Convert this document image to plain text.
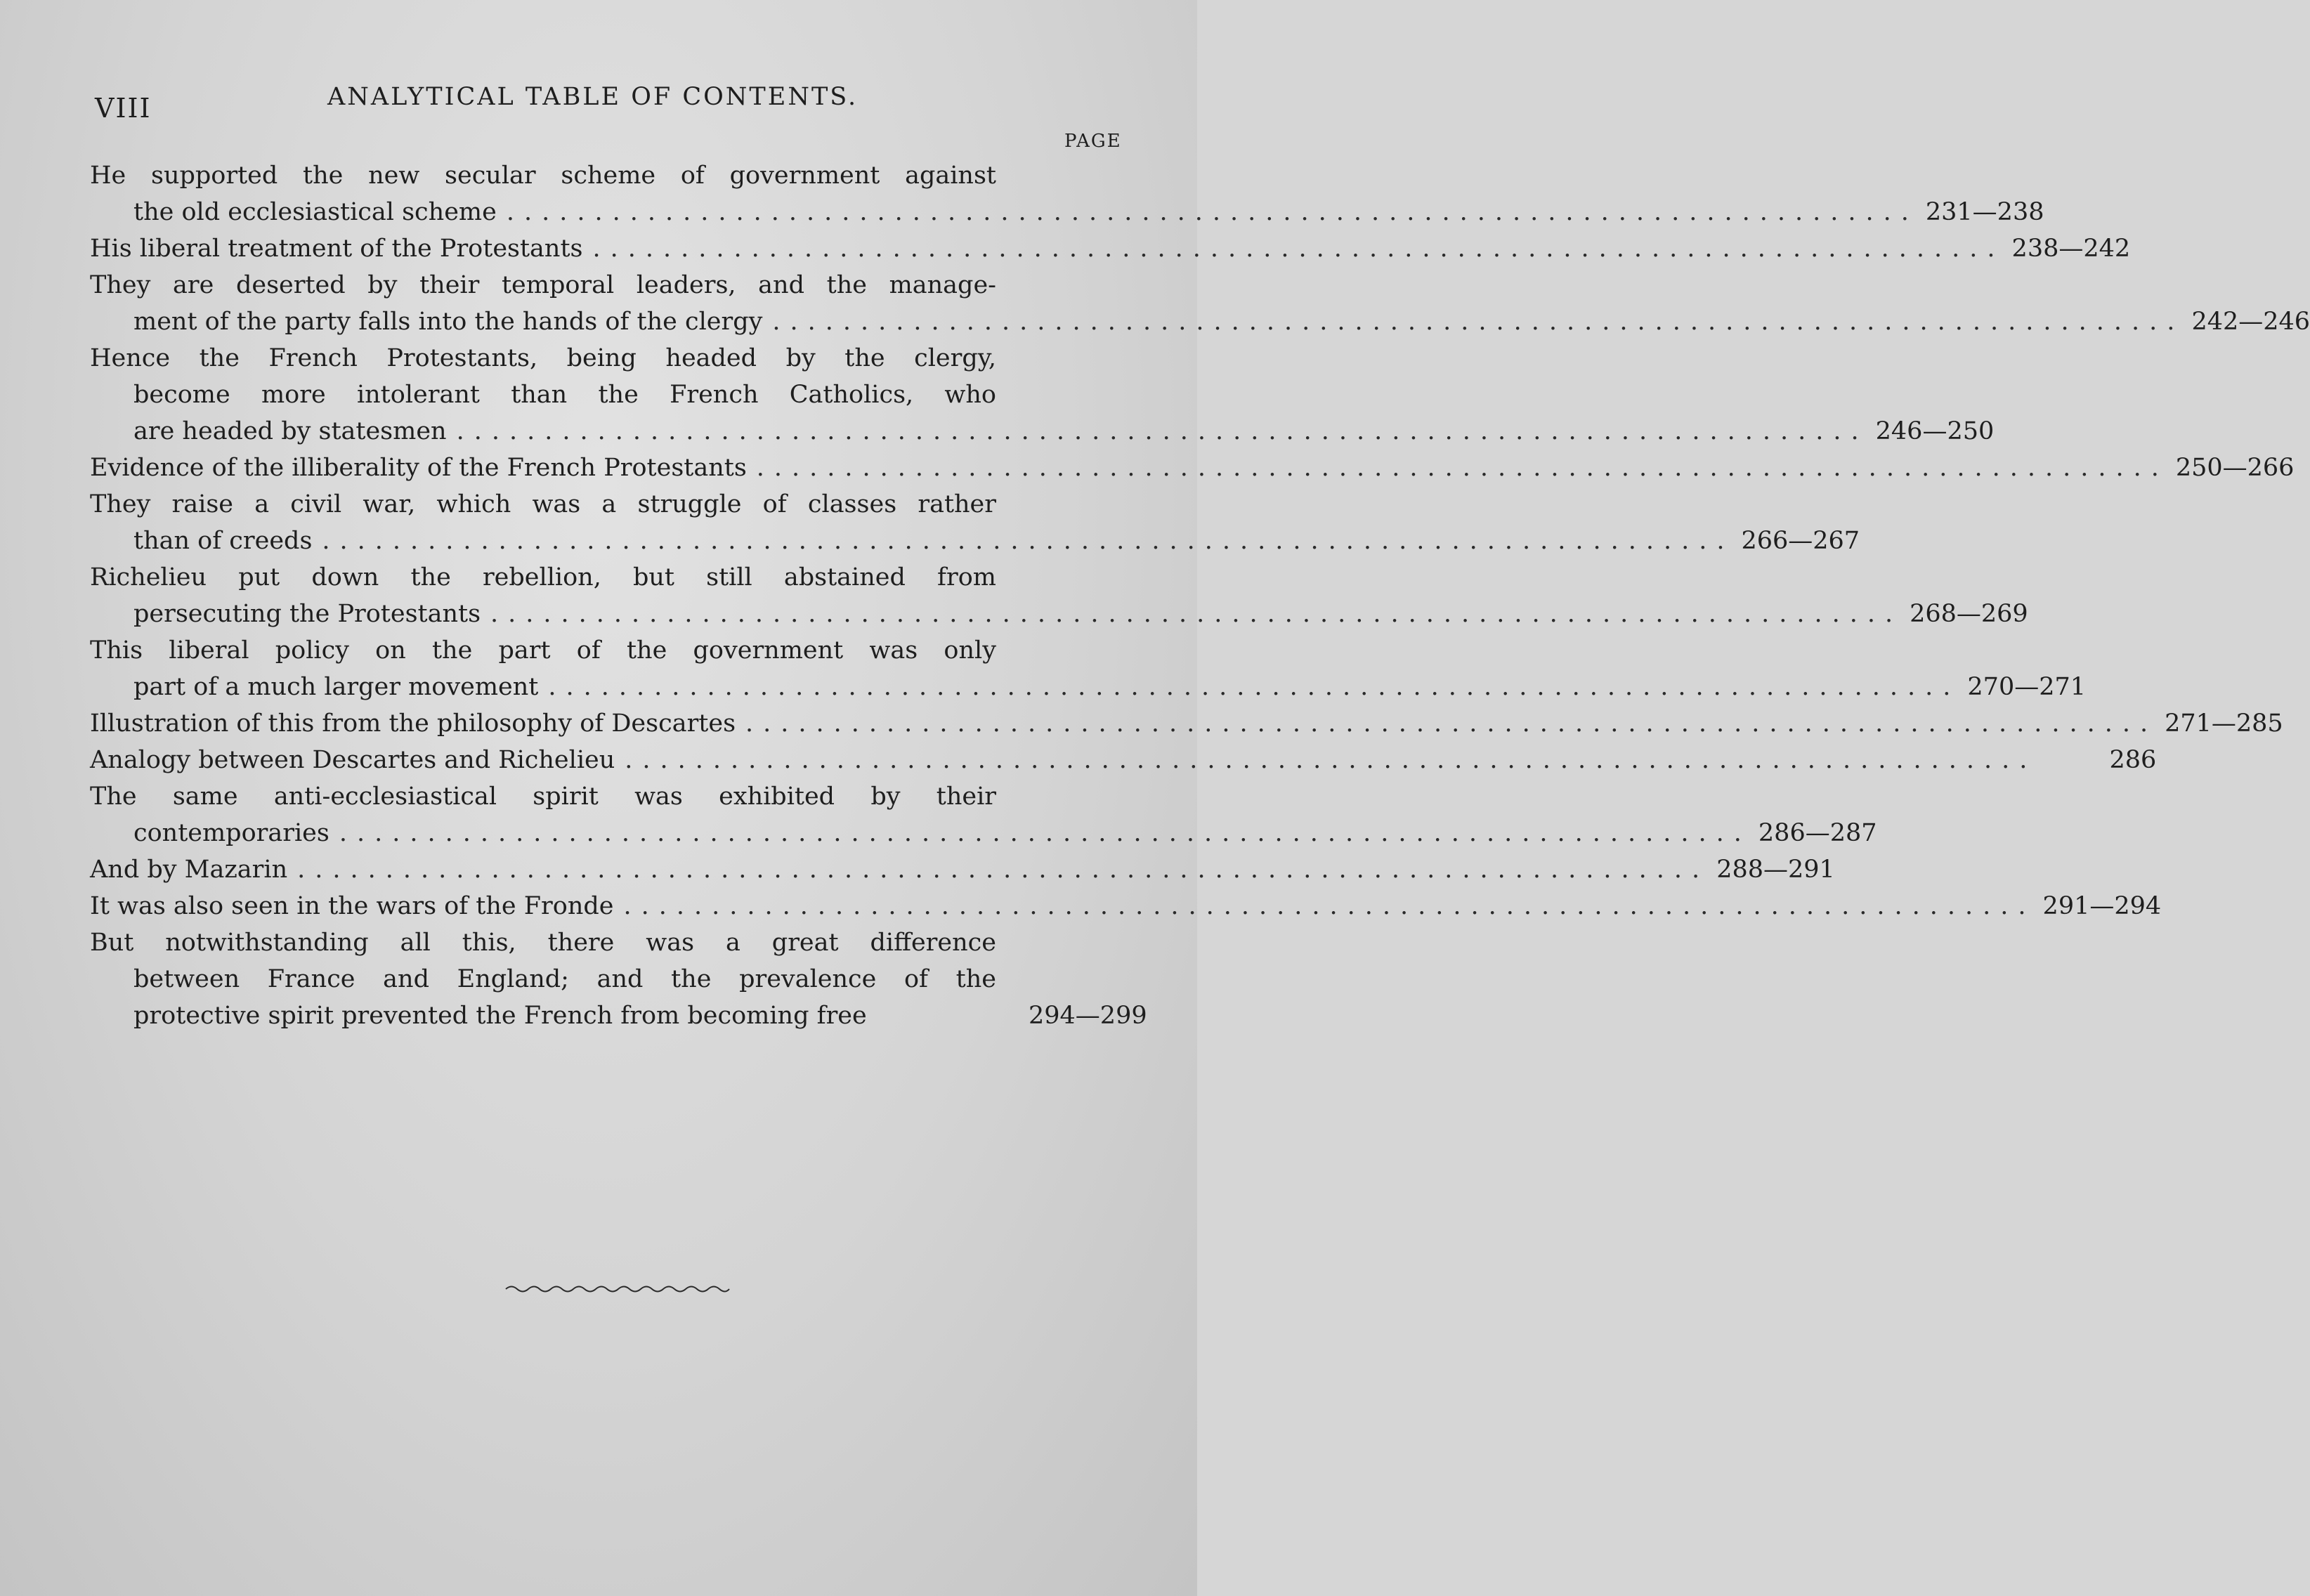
VIII	ANALYTICAL TABLE OF CONTENTS.
PAGE
He supported the new secular scheme of government against
the old ecclesiastical scheme ................................................................................ 231—238
His liberal treatment of the Protestants ................................................................................ 238—242
They are deserted by their temporal leaders, and the manage-
ment of the party falls into the hands of the clergy ................................................................................ 242—246
Hence the French Protestants, being headed by the clergy,
become more intolerant than the French Catholics, who
are headed by statesmen ................................................................................ 246—250
Evidence of the illiberality of the French Protestants ................................................................................ 250—266
They raise a civil war, which was a struggle of classes rather
than of creeds ................................................................................ 266—267
Richelieu put down the rebellion, but still abstained from
persecuting the Protestants ................................................................................ 268—269
This liberal policy on the part of the government was only
part of a much larger movement ................................................................................ 270—271
Illustration of this from the philosophy of Descartes ................................................................................ 271—285
Analogy between Descartes and Richelieu ................................................................................	286
The same anti-ecclesiastical spirit was exhibited by their
contemporaries ................................................................................ 286—287
And by Mazarin ................................................................................ 288—291
It was also seen in the wars of the Fronde ................................................................................ 291—294
But notwithstanding all this, there was a great difference
between France and England; and the prevalence of the
protective spirit prevented the French from becoming free	294—299
